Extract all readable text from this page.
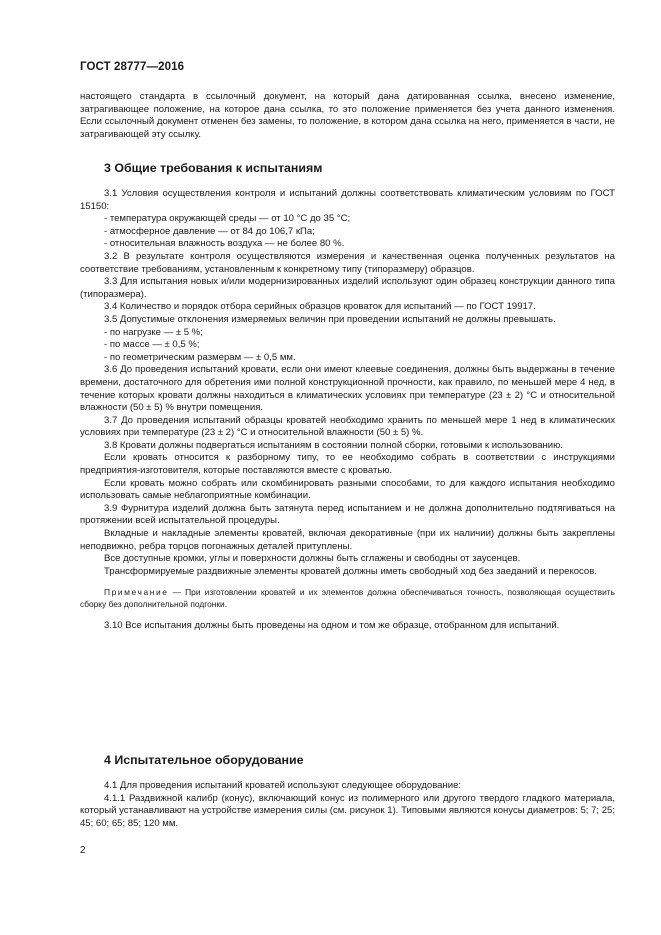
ГОСТ 28777—2016

настоящего стандарта в ссылочный документ, на который дана датированная ссылка, внесено изменение, затрагивающее положение, на которое дана ссылка, то это положение применяется без учета данного изменения. Если ссылочный документ отменен без замены, то положение, в котором дана ссылка на него, применяется в части, не затрагивающей эту ссылку.

3 Общие требования к испытаниям

3.1 Условия осуществления контроля и испытаний должны соответствовать климатическим условиям по ГОСТ 15150:

- температура окружающей среды — от 10 °С до 35 °С;

- атмосферное давление — от 84 до 106,7 кПа;

- относительная влажность воздуха — не более 80 %.

3.2 В результате контроля осуществляются измерения и качественная оценка полученных результатов на соответствие требованиям, установленным к конкретному типу (типоразмеру) образцов.

3.3 Для испытания новых и/или модернизированных изделий используют один образец конструкции данного типа (типоразмера).

3.4 Количество и порядок отбора серийных образцов кроваток для испытаний — по ГОСТ 19917.

3.5 Допустимые отклонения измеряемых величин при проведении испытаний не должны превышать.

- по нагрузке — ± 5 %;

- по массе — ± 0,5 %;

- по геометрическим размерам — ± 0,5 мм.

3.6 До проведения испытаний кровати, если они имеют клеевые соединения, должны быть выдержаны в течение времени, достаточного для обретения ими полной конструкционной прочности, как правило, по меньшей мере 4 нед, в течение которых кровати должны находиться в климатических условиях при температуре (23 ± 2) °С и относительной влажности (50 ± 5) % внутри помещения.

3.7 До проведения испытаний образцы кроватей необходимо хранить по меньшей мере 1 нед в климатических условиях при температуре (23 ± 2) °С и относительной влажности (50 ± 5) %.

3.8 Кровати должны подвергаться испытаниям в состоянии полной сборки, готовыми к использованию.

Если кровать относится к разборному типу, то ее необходимо собрать в соответствии с инструкциями предприятия-изготовителя, которые поставляются вместе с кроватью.

Если кровать можно собрать или скомбинировать разными способами, то для каждого испытания необходимо использовать самые неблагоприятные комбинации.

3.9 Фурнитура изделий должна быть затянута перед испытанием и не должна дополнительно подтягиваться на протяжении всей испытательной процедуры.

Вкладные и накладные элементы кроватей, включая декоративные (при их наличии) должны быть закреплены неподвижно, ребра торцов погонажных деталей притуплены.

Все доступные кромки, углы и поверхности должны быть сглажены и свободны от заусенцев.

Трансформируемые раздвижные элементы кроватей должны иметь свободный ход без заеданий и перекосов.

Примечание — При изготовлении кроватей и их элементов должна обеспечиваться точность, позволяющая осуществить сборку без дополнительной подгонки.

3.10 Все испытания должны быть проведены на одном и том же образце, отобранном для испытаний.

4 Испытательное оборудование

4.1 Для проведения испытаний кроватей используют следующее оборудование:

4.1.1 Раздвижной калибр (конус), включающий конус из полимерного или другого твердого гладкого материала, который устанавливают на устройстве измерения силы (см. рисунок 1). Типовыми являются конусы диаметров: 5; 7; 25; 45; 60; 65; 85; 120 мм.

2
